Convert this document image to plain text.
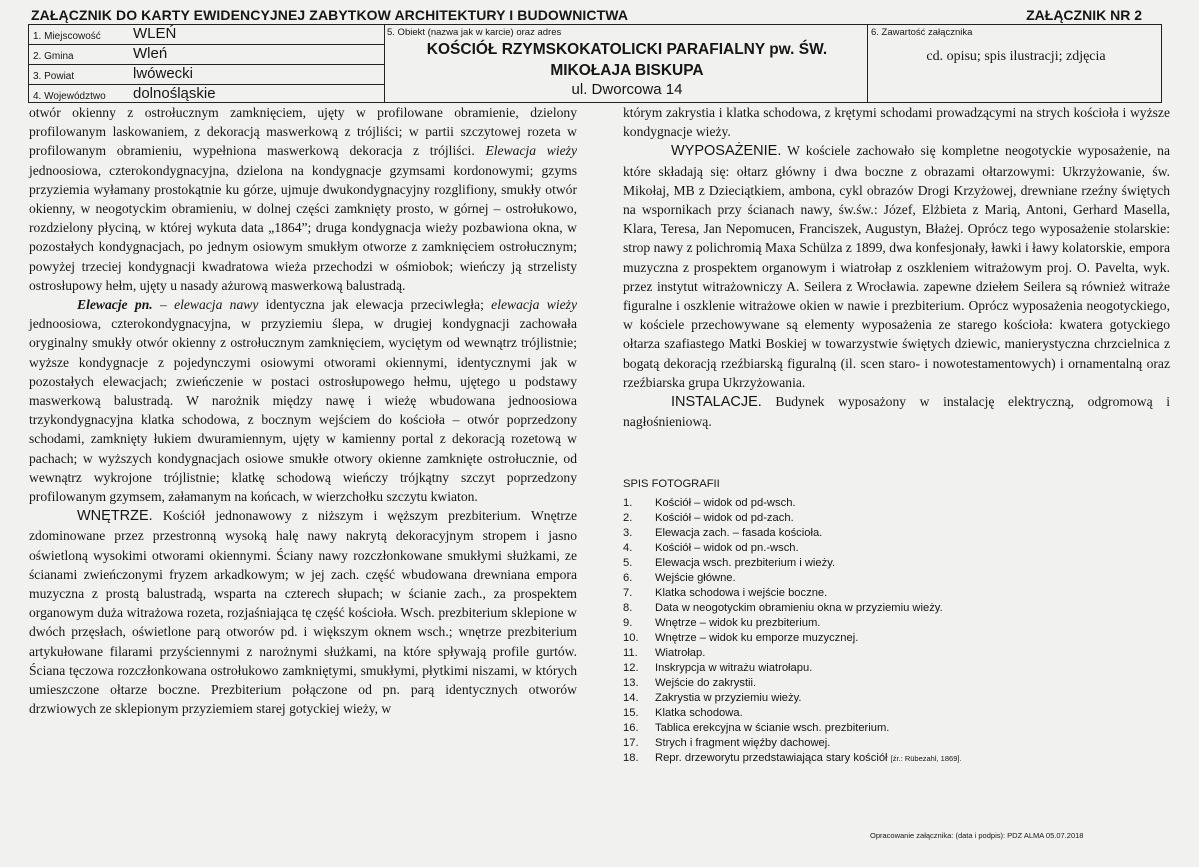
ZAŁĄCZNIK DO KARTY EWIDENCYJNEJ ZABYTKOW ARCHITEKTURY I BUDOWNICTWA	ZAŁĄCZNIK NR 2
1. Miejscowość WLEŃ
2. Gmina	Wleń
3. Powiat	lwówecki
4. Województwo dolnośląskie
5. Obiekt (nazwa jak w karcie) oraz adres
KOŚCIÓŁ RZYMSKOKATOLICKI PARAFIALNY pw. ŚW. MIKOŁAJA BISKUPA
ul. Dworcowa 14
6. Zawartość załącznika
cd. opisu; spis ilustracji; zdjęcia

otwór okienny z ostrołucznym zamknięciem, ujęty w profilowane obramienie, dzielony profilowanym laskowaniem, z dekoracją maswerkową z trójliści; w partii szczytowej rozeta w profilowanym obramieniu, wypełniona maswerkową dekoracja z trójliści. Elewacja wieży jednoosiowa, czterokondygnacyjna, dzielona na kondygnacje gzymsami kordonowymi; gzyms przyziemia wyłamany prostokątnie ku górze, ujmuje dwukondygnacyjny rozglifiony, smukły otwór okienny, w neogotyckim obramieniu, w dolnej części zamknięty prosto, w górnej – ostrołukowo, rozdzielony płyciną, w której wykuta data „1864”; druga kondygnacja wieży pozbawiona okna, w pozostałych kondygnacjach, po jednym osiowym smukłym otworze z zamknięciem ostrołucznym; powyżej trzeciej kondygnacji kwadratowa wieża przechodzi w ośmiobok; wieńczy ją strzelisty ostrosłupowy hełm, ujęty u nasady ażurową maswerkową balustradą.

Elewacje pn. – elewacja nawy identyczna jak elewacja przeciwległa; elewacja wieży jednoosiowa, czterokondygnacyjna, w przyziemiu ślepa, w drugiej kondygnacji zachowała oryginalny smukły otwór okienny z ostrołucznym zamknięciem, wyciętym od wewnątrz trójlistnie; wyższe kondygnacje z pojedynczymi osiowymi otworami okiennymi, identycznymi jak w pozostałych elewacjach; zwieńczenie w postaci ostrosłupowego hełmu, ujętego u podstawy maswerkową balustradą. W narożnik między nawę i wieżę wbudowana jednoosiowa trzykondygnacyjna klatka schodowa, z bocznym wejściem do kościoła – otwór poprzedzony schodami, zamknięty łukiem dwuramiennym, ujęty w kamienny portal z dekoracją rozetową w pachach; w wyższych kondygnacjach osiowe smukłe otwory okienne zamknięte ostrołucznie, od wewnątrz wykrojone trójlistnie; klatkę schodową wieńczy trójkątny szczyt poprzedzony profilowanym gzymsem, załamanym na końcach, w wierzchołku szczytu kwiaton.

WNĘTRZE. Kościół jednonawowy z niższym i węższym prezbiterium. Wnętrze zdominowane przez przestronną wysoką halę nawy nakrytą dekoracyjnym stropem i jasno oświetloną wysokimi otworami okiennymi. Ściany nawy rozczłonkowane smukłymi służkami, ze ścianami zwieńczonymi fryzem arkadkowym; w jej zach. część wbudowana drewniana empora muzyczna z prostą balustradą, wsparta na czterech słupach; w ścianie zach., za prospektem organowym duża witrażowa rozeta, rozjaśniająca tę część kościoła. Wsch. prezbiterium sklepione w dwóch przęsłach, oświetlone parą otworów pd. i większym oknem wsch.; wnętrze prezbiterium artykułowane filarami przyściennymi z narożnymi służkami, na które spływają profile gurtów. Ściana tęczowa rozczłonkowana ostrołukowo zamkniętymi, smukłymi, płytkimi niszami, w których umieszczone ołtarze boczne. Prezbiterium połączone od pn. parą identycznych otworów drzwiowych ze sklepionym przyziemiem starej gotyckiej wieży, w

którym zakrystia i klatka schodowa, z krętymi schodami prowadzącymi na strych kościoła i wyższe kondygnacje wieży.

WYPOSAŻENIE. W kościele zachowało się kompletne neogotyckie wyposażenie, na które składają się: ołtarz główny i dwa boczne z obrazami ołtarzowymi: Ukrzyżowanie, św. Mikołaj, MB z Dzieciątkiem, ambona, cykl obrazów Drogi Krzyżowej, drewniane rzeźny świętych na wspornikach przy ścianach nawy, św.św.: Józef, Elżbieta z Marią, Antoni, Gerhard Masella, Klara, Teresa, Jan Nepomucen, Franciszek, Augustyn, Błażej. Oprócz tego wyposażenie stolarskie: strop nawy z polichromią Maxa Schülza z 1899, dwa konfesjonały, ławki i ławy kolatorskie, empora muzyczna z prospektem organowym i wiatrołap z oszkleniem witrażowym proj. O. Pavelta, wyk. przez instytut witrażowniczy A. Seilera z Wrocławia. zapewne dziełem Seilera są również witraże figuralne i oszklenie witrażowe okien w nawie i prezbiterium. Oprócz wyposażenia neogotyckiego, w kościele przechowywane są elementy wyposażenia ze starego kościoła: kwatera gotyckiego ołtarza szafiastego Matki Boskiej w towarzystwie świętych dziewic, manierystyczna chrzcielnica z bogatą dekoracją rzeźbiarską figuralną (il. scen staro- i nowotestamentowych) i ornamentalną oraz rzeźbiarska grupa Ukrzyżowania.

INSTALACJE. Budynek wyposażony w instalację elektryczną, odgromową i nagłośnieniową.

SPIS FOTOGRAFII
1. Kościół – widok od pd-wsch.
2. Kościół – widok od pd-zach.
3. Elewacja zach. – fasada kościoła.
4. Kościół – widok od pn.-wsch.
5. Elewacja wsch. prezbiterium i wieży.
6. Wejście główne.
7. Klatka schodowa i wejście boczne.
8. Data w neogotyckim obramieniu okna w przyziemiu wieży.
9. Wnętrze – widok ku prezbiterium.
10. Wnętrze – widok ku emporze muzycznej.
11. Wiatrołap.
12. Inskrypcja w witrażu wiatrołapu.
13. Wejście do zakrystii.
14. Zakrystia w przyziemiu wieży.
15. Klatka schodowa.
16. Tablica erekcyjna w ścianie wsch. prezbiterium.
17. Strych i fragment więźby dachowej.
18. Repr. drzeworytu przedstawiająca stary kościół [źr.: Rübezahl, 1869].
Opracowanie załącznika: (data i podpis): PDZ ALMA 05.07.2018
